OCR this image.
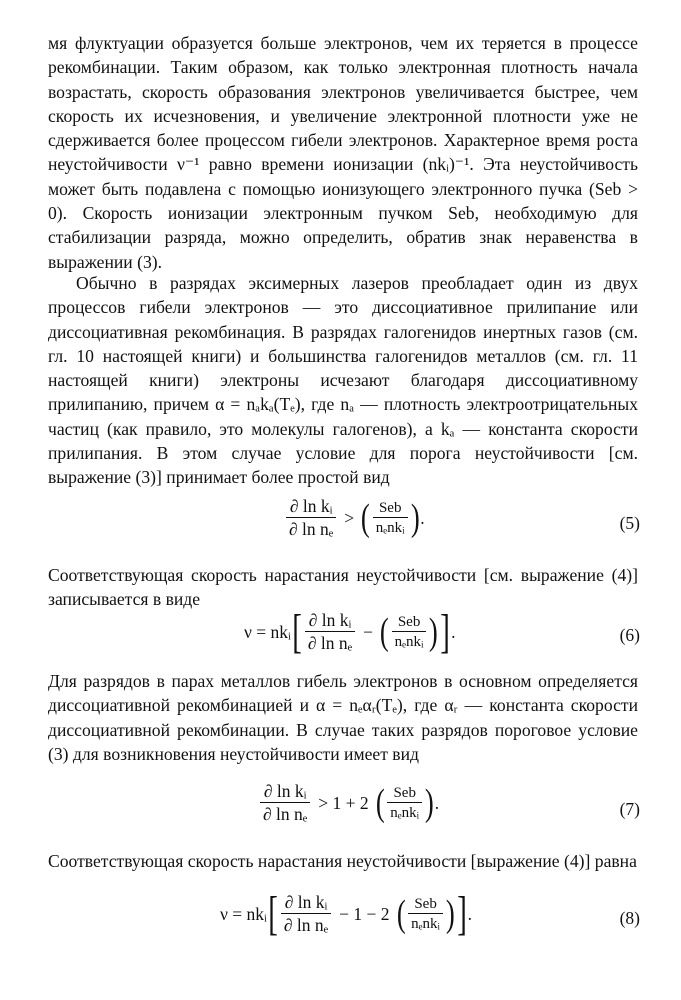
мя флуктуации образуется больше электронов, чем их теряется в процессе рекомбинации. Таким образом, как только электронная плотность начала возрастать, скорость образования электронов увеличивается быстрее, чем скорость их исчезновения, и увеличение электронной плотности уже не сдерживается более процессом гибели электронов. Характерное время роста неустойчивости ν⁻¹ равно времени ионизации (nkᵢ)⁻¹. Эта неустойчивость может быть подавлена с помощью ионизующего электронного пучка (Seb > 0). Скорость ионизации электронным пучком Seb, необходимую для стабилизации разряда, можно определить, обратив знак неравенства в выражении (3).

Обычно в разрядах эксимерных лазеров преобладает один из двух процессов гибели электронов — это диссоциативное прилипание или диссоциативная рекомбинация. В разрядах галогенидов инертных газов (см. гл. 10 настоящей книги) и большинства галогенидов металлов (см. гл. 11 настоящей книги) электроны исчезают благодаря диссоциативному прилипанию, причем α = nₐkₐ(Tₑ), где nₐ — плотность электроотрицательных частиц (как правило, это молекулы галогенов), а kₐ — константа скорости прилипания. В этом случае условие для порога неустойчивости [см. выражение (3)] принимает более простой вид

$\frac{\text{∂ ln kᵢ}}{\text{∂ ln nₑ}}$ > ( $\frac{\text{Seb}}{\text{nₑnkᵢ}}$ ) .	(5)

Соответствующая скорость нарастания неустойчивости [см. выражение (4)] записывается в виде

ν = nkᵢ [ $\frac{\text{∂ ln kᵢ}}{\text{∂ ln nₑ}}$ − ( $\frac{\text{Seb}}{\text{nₑnkᵢ}}$ ) ] .	(6)

Для разрядов в парах металлов гибель электронов в основном определяется диссоциативной рекомбинацией и α = nₑαᵣ(Tₑ), где αᵣ — константа скорости диссоциативной рекомбинации. В случае таких разрядов пороговое условие (3) для возникновения неустойчивости имеет вид

$\frac{\text{∂ ln kᵢ}}{\text{∂ ln nₑ}} > 1 + 2$ ( $\frac{\text{Seb}}{\text{nₑnkᵢ}}$ ) .	(7)

Соответствующая скорость нарастания неустойчивости [выражение (4)] равна

ν = nkᵢ [ $\frac{\text{∂ ln kᵢ}}{\text{∂ ln nₑ}} - 1 - 2$ ( $\frac{\text{Seb}}{\text{nₑnkᵢ}}$ ) ] .	(8)
